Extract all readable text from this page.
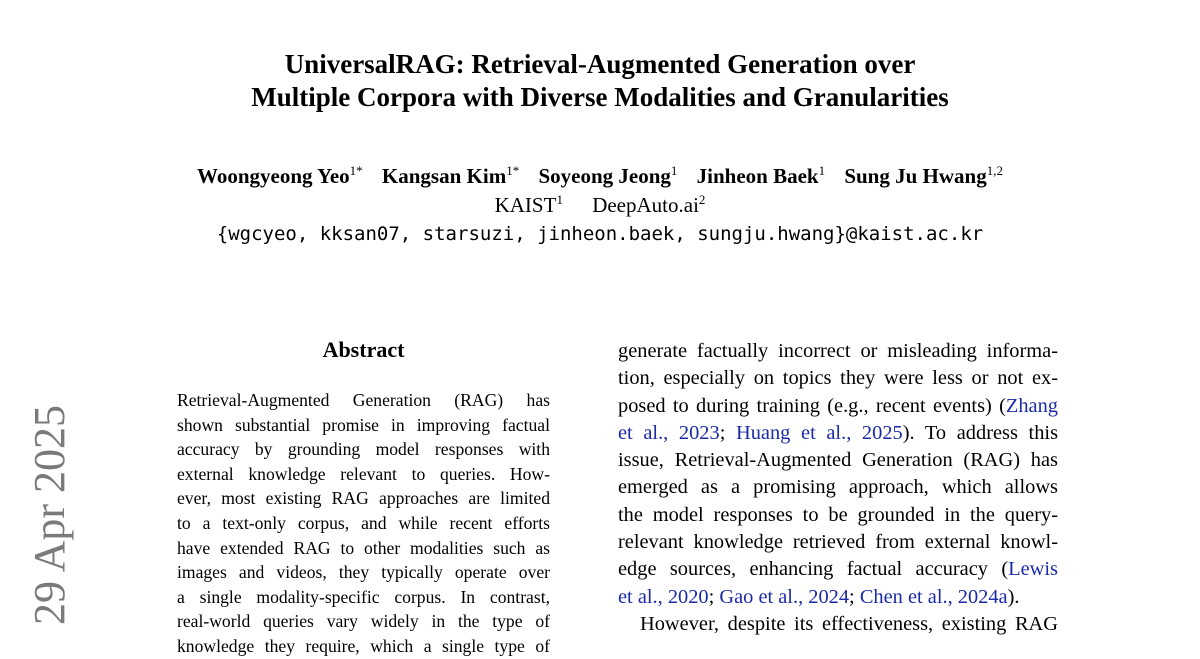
UniversalRAG: Retrieval-Augmented Generation over
Multiple Corpora with Diverse Modalities and Granularities
Woongyeong Yeo$^{1*}$ Kangsan Kim$^{1*}$ Soyeong Jeong$^1$ Jinheon Baek$^1$ Sung Ju Hwang$^{1,2}$
KAIST$^1$ $DeepAuto.ai^2$
{wgcyeo, kksan07, starsuzi, jinheon.baek, sungju.hwang}@kaist.ac.kr
29 Apr 2025
Abstract
Retrieval-Augmented Generation (RAG) has
shown substantial promise in improving factual
accuracy by grounding model responses with
external knowledge relevant to queries. How-
ever, most existing RAG approaches are limited
to a text-only corpus, and while recent efforts
have extended RAG to other modalities such as
images and videos, they typically operate over
a single modality-specific corpus. In contrast,
real-world queries vary widely in the type of
knowledge they require, which a single type of
generate factually incorrect or misleading informa-
tion, especially on topics they were less or not ex-
posed to during training (e.g., recent events) (Zhang
et al., 2023; Huang et al., 2025). To address this
issue, Retrieval-Augmented Generation (RAG) has
emerged as a promising approach, which allows
the model responses to be grounded in the query-
relevant knowledge retrieved from external knowl-
edge sources, enhancing factual accuracy (Lewis
et al., 2020; Gao et al., 2024; Chen et al., 2024a).
However, despite its effectiveness, existing RAG
